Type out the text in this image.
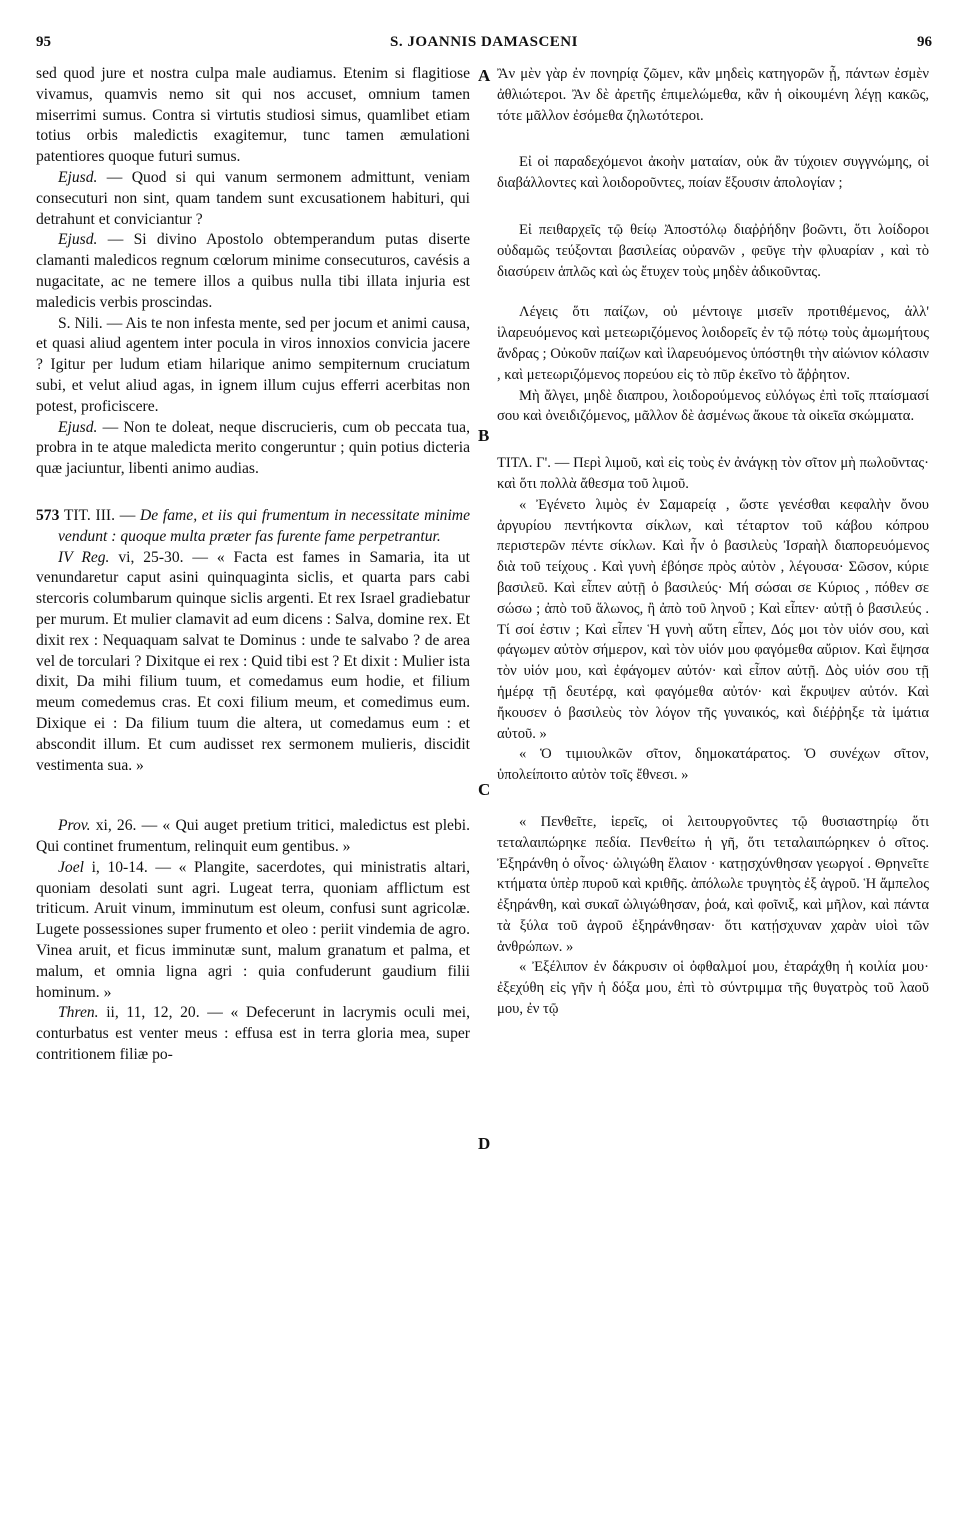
95	S. JOANNIS DAMASCENI	96
A
B
C
D

sed quod jure et nostra culpa male audiamus. Etenim si flagitiose vivamus, quamvis nemo sit qui nos accuset, omnium tamen miserrimi sumus. Contra si virtutis studiosi simus, quamlibet etiam totius orbis maledictis exagitemur, tunc tamen æmulationi patentiores quoque futuri sumus.

Ejusd. — Quod si qui vanum sermonem admittunt, veniam consecuturi non sint, quam tandem sunt excusationem habituri, qui detrahunt et conviciantur ?

Ejusd. — Si divino Apostolo obtemperandum putas diserte clamanti maledicos regnum cœlorum minime consecuturos, cavésis a nugacitate, ac ne temere illos a quibus nulla tibi illata injuria est maledicis verbis proscindas.

S. Nili. — Ais te non infesta mente, sed per jocum et animi causa, et quasi aliud agentem inter pocula in viros innoxios convicia jacere ? Igitur per ludum etiam hilarique animo sempiternum cruciatum subi, et velut aliud agas, in ignem illum cujus efferri acerbitas non potest, proficiscere.

Ejusd. — Non te doleat, neque discrucieris, cum ob peccata tua, probra in te atque maledicta merito congeruntur ; quin potius dicteria quæ jaciuntur, libenti animo audias.

573 TIT. III. — De fame, et iis qui frumentum in necessitate minime vendunt : quoque multa præter fas furente fame perpetrantur.

IV Reg. vi, 25-30. — « Facta est fames in Samaria, ita ut venundaretur caput asini quinquaginta siclis, et quarta pars cabi stercoris columbarum quinque siclis argenti. Et rex Israel gradiebatur per murum. Et mulier clamavit ad eum dicens : Salva, domine rex. Et dixit rex : Nequaquam salvat te Dominus : unde te salvabo ? de area vel de torculari ? Dixitque ei rex : Quid tibi est ? Et dixit : Mulier ista dixit, Da mihi filium tuum, et comedamus eum hodie, et filium meum comedemus cras. Et coxi filium meum, et comedimus eum. Dixique ei : Da filium tuum die altera, ut comedamus eum : et abscondit illum. Et cum audisset rex sermonem mulieris, discidit vestimenta sua. »

Prov. xi, 26. — « Qui auget pretium tritici, maledictus est plebi. Qui continet frumentum, relinquit eum gentibus. »

Joel i, 10-14. — « Plangite, sacerdotes, qui ministratis altari, quoniam desolati sunt agri. Lugeat terra, quoniam afflictum est triticum. Aruit vinum, imminutum est oleum, confusi sunt agricolæ. Lugete possessiones super frumento et oleo : periit vindemia de agro. Vinea aruit, et ficus imminutæ sunt, malum granatum et palma, et malum, et omnia ligna agri : quia confuderunt gaudium filii hominum. »

Thren. ii, 11, 12, 20. — « Defecerunt in lacrymis oculi mei, conturbatus est venter meus : effusa est in terra gloria mea, super contritionem filiæ po-

Ἂν μὲν γὰρ ἐν πονηρίᾳ ζῶμεν, κἂν μηδεὶς κατηγορῶν ᾖ, πάντων ἐσμὲν ἀθλιώτεροι. Ἂν δὲ ἀρετῆς ἐπιμελώμεθα, κἂν ἡ οἰκουμένη λέγῃ κακῶς, τότε μᾶλλον ἐσόμεθα ζηλωτότεροι.

Εἰ οἱ παραδεχόμενοι ἀκοὴν ματαίαν, οὐκ ἂν τύχοιεν συγγνώμης, οἱ διαβάλλοντες καὶ λοιδοροῦντες, ποίαν ἕξουσιν ἀπολογίαν ;

Εἰ πειθαρχεῖς τῷ θείῳ Ἀποστόλῳ διαῤῥήδην βοῶντι, ὅτι λοίδοροι οὐδαμῶς τεύξονται βασιλείας οὐρανῶν , φεῦγε τὴν φλυαρίαν , καὶ τὸ διασύρειν ἁπλῶς καὶ ὡς ἔτυχεν τοὺς μηδὲν ἀδικοῦντας.

Λέγεις ὅτι παίζων, οὐ μέντοιγε μισεῖν προτιθέμενος, ἀλλ' ἱλαρευόμενος καὶ μετεωριζόμενος λοιδορεῖς ἐν τῷ πότῳ τοὺς ἀμωμήτους ἄνδρας ; Οὐκοῦν παίζων καὶ ἱλαρευόμενος ὑπόστηθι τὴν αἰώνιον κόλασιν , καὶ μετεωριζόμενος πορεύου εἰς τὸ πῦρ ἐκεῖνο τὸ ἄῤῥητον.

Μὴ ἄλγει, μηδὲ διαπρου, λοιδορούμενος εὐλόγως ἐπὶ τοῖς πταίσμασί σου καὶ ὀνειδιζόμενος, μᾶλλον δὲ ἀσμένως ἄκουε τὰ οἰκεῖα σκώμματα.

ΤΙΤΛ. Γ'. — Περὶ λιμοῦ, καὶ εἰς τοὺς ἐν ἀνάγκῃ τὸν σῖτον μὴ πωλοῦντας· καὶ ὅτι πολλὰ ἄθεσμα τοῦ λιμοῦ.

« Ἐγένετο λιμὸς ἐν Σαμαρείᾳ , ὥστε γενέσθαι κεφαλὴν ὄνου ἀργυρίου πεντήκοντα σίκλων, καὶ τέταρτον τοῦ κάβου κόπρου περιστερῶν πέντε σίκλων. Καὶ ἦν ὁ βασιλεὺς Ἰσραὴλ διαπορευόμενος διὰ τοῦ τείχους . Καὶ γυνὴ ἐβόησε πρὸς αὐτὸν , λέγουσα· Σῶσον, κύριε βασιλεῦ. Καὶ εἶπεν αὐτῇ ὁ βασιλεύς· Μή σώσαι σε Κύριος , πόθεν σε σώσω ; ἀπὸ τοῦ ἅλωνος, ἢ ἀπὸ τοῦ ληνοῦ ; Καὶ εἶπεν· αὐτῇ ὁ βασιλεύς . Τί σοί ἐστιν ; Καὶ εἶπεν Ἡ γυνὴ αὕτη εἶπεν, Δός μοι τὸν υἱόν σου, καὶ φάγωμεν αὐτὸν σήμερον, καὶ τὸν υἱόν μου φαγόμεθα αὔριον. Καὶ ἔψησα τὸν υἱόν μου, καὶ ἐφάγομεν αὐτόν· καὶ εἶπον αὐτῇ. Δὸς υἱόν σου τῇ ἡμέρᾳ τῇ δευτέρᾳ, καὶ φαγόμεθα αὐτόν· καὶ ἔκρυψεν αὐτόν. Καὶ ἤκουσεν ὁ βασιλεὺς τὸν λόγον τῆς γυναικός, καὶ διέῤῥηξε τὰ ἱμάτια αὐτοῦ. »

« Ὁ τιμιουλκῶν σῖτον, δημοκατάρατος. Ὁ συνέχων σῖτον, ὑπολείποιτο αὐτὸν τοῖς ἔθνεσι. »

« Πενθεῖτε, ἱερεῖς, οἱ λειτουργοῦντες τῷ θυσιαστηρίῳ ὅτι τεταλαιπώρηκε πεδία. Πενθείτω ἡ γῆ, ὅτι τεταλαιπώρηκεν ὁ σῖτος. Ἐξηράνθη ὁ οἶνος· ὠλιγώθη ἔλαιον · κατῃσχύνθησαν γεωργοί . Θρηνεῖτε κτήματα ὑπὲρ πυροῦ καὶ κριθῆς. ἀπόλωλε τρυγητὸς ἐξ ἀγροῦ. Ἡ ἄμπελος ἐξηράνθη, καὶ συκαῖ ὠλιγώθησαν, ῥοά, καὶ φοῖνιξ, καὶ μῆλον, καὶ πάντα τὰ ξύλα τοῦ ἀγροῦ ἐξηράνθησαν· ὅτι κατῄσχυναν χαρὰν υἱοὶ τῶν ἀνθρώπων. »

« Ἐξέλιπον ἐν δάκρυσιν οἱ ὀφθαλμοί μου, ἐταράχθη ἡ κοιλία μου· ἐξεχύθη εἰς γῆν ἡ δόξα μου, ἐπὶ τὸ σύντριμμα τῆς θυγατρὸς τοῦ λαοῦ μου, ἐν τῷ
